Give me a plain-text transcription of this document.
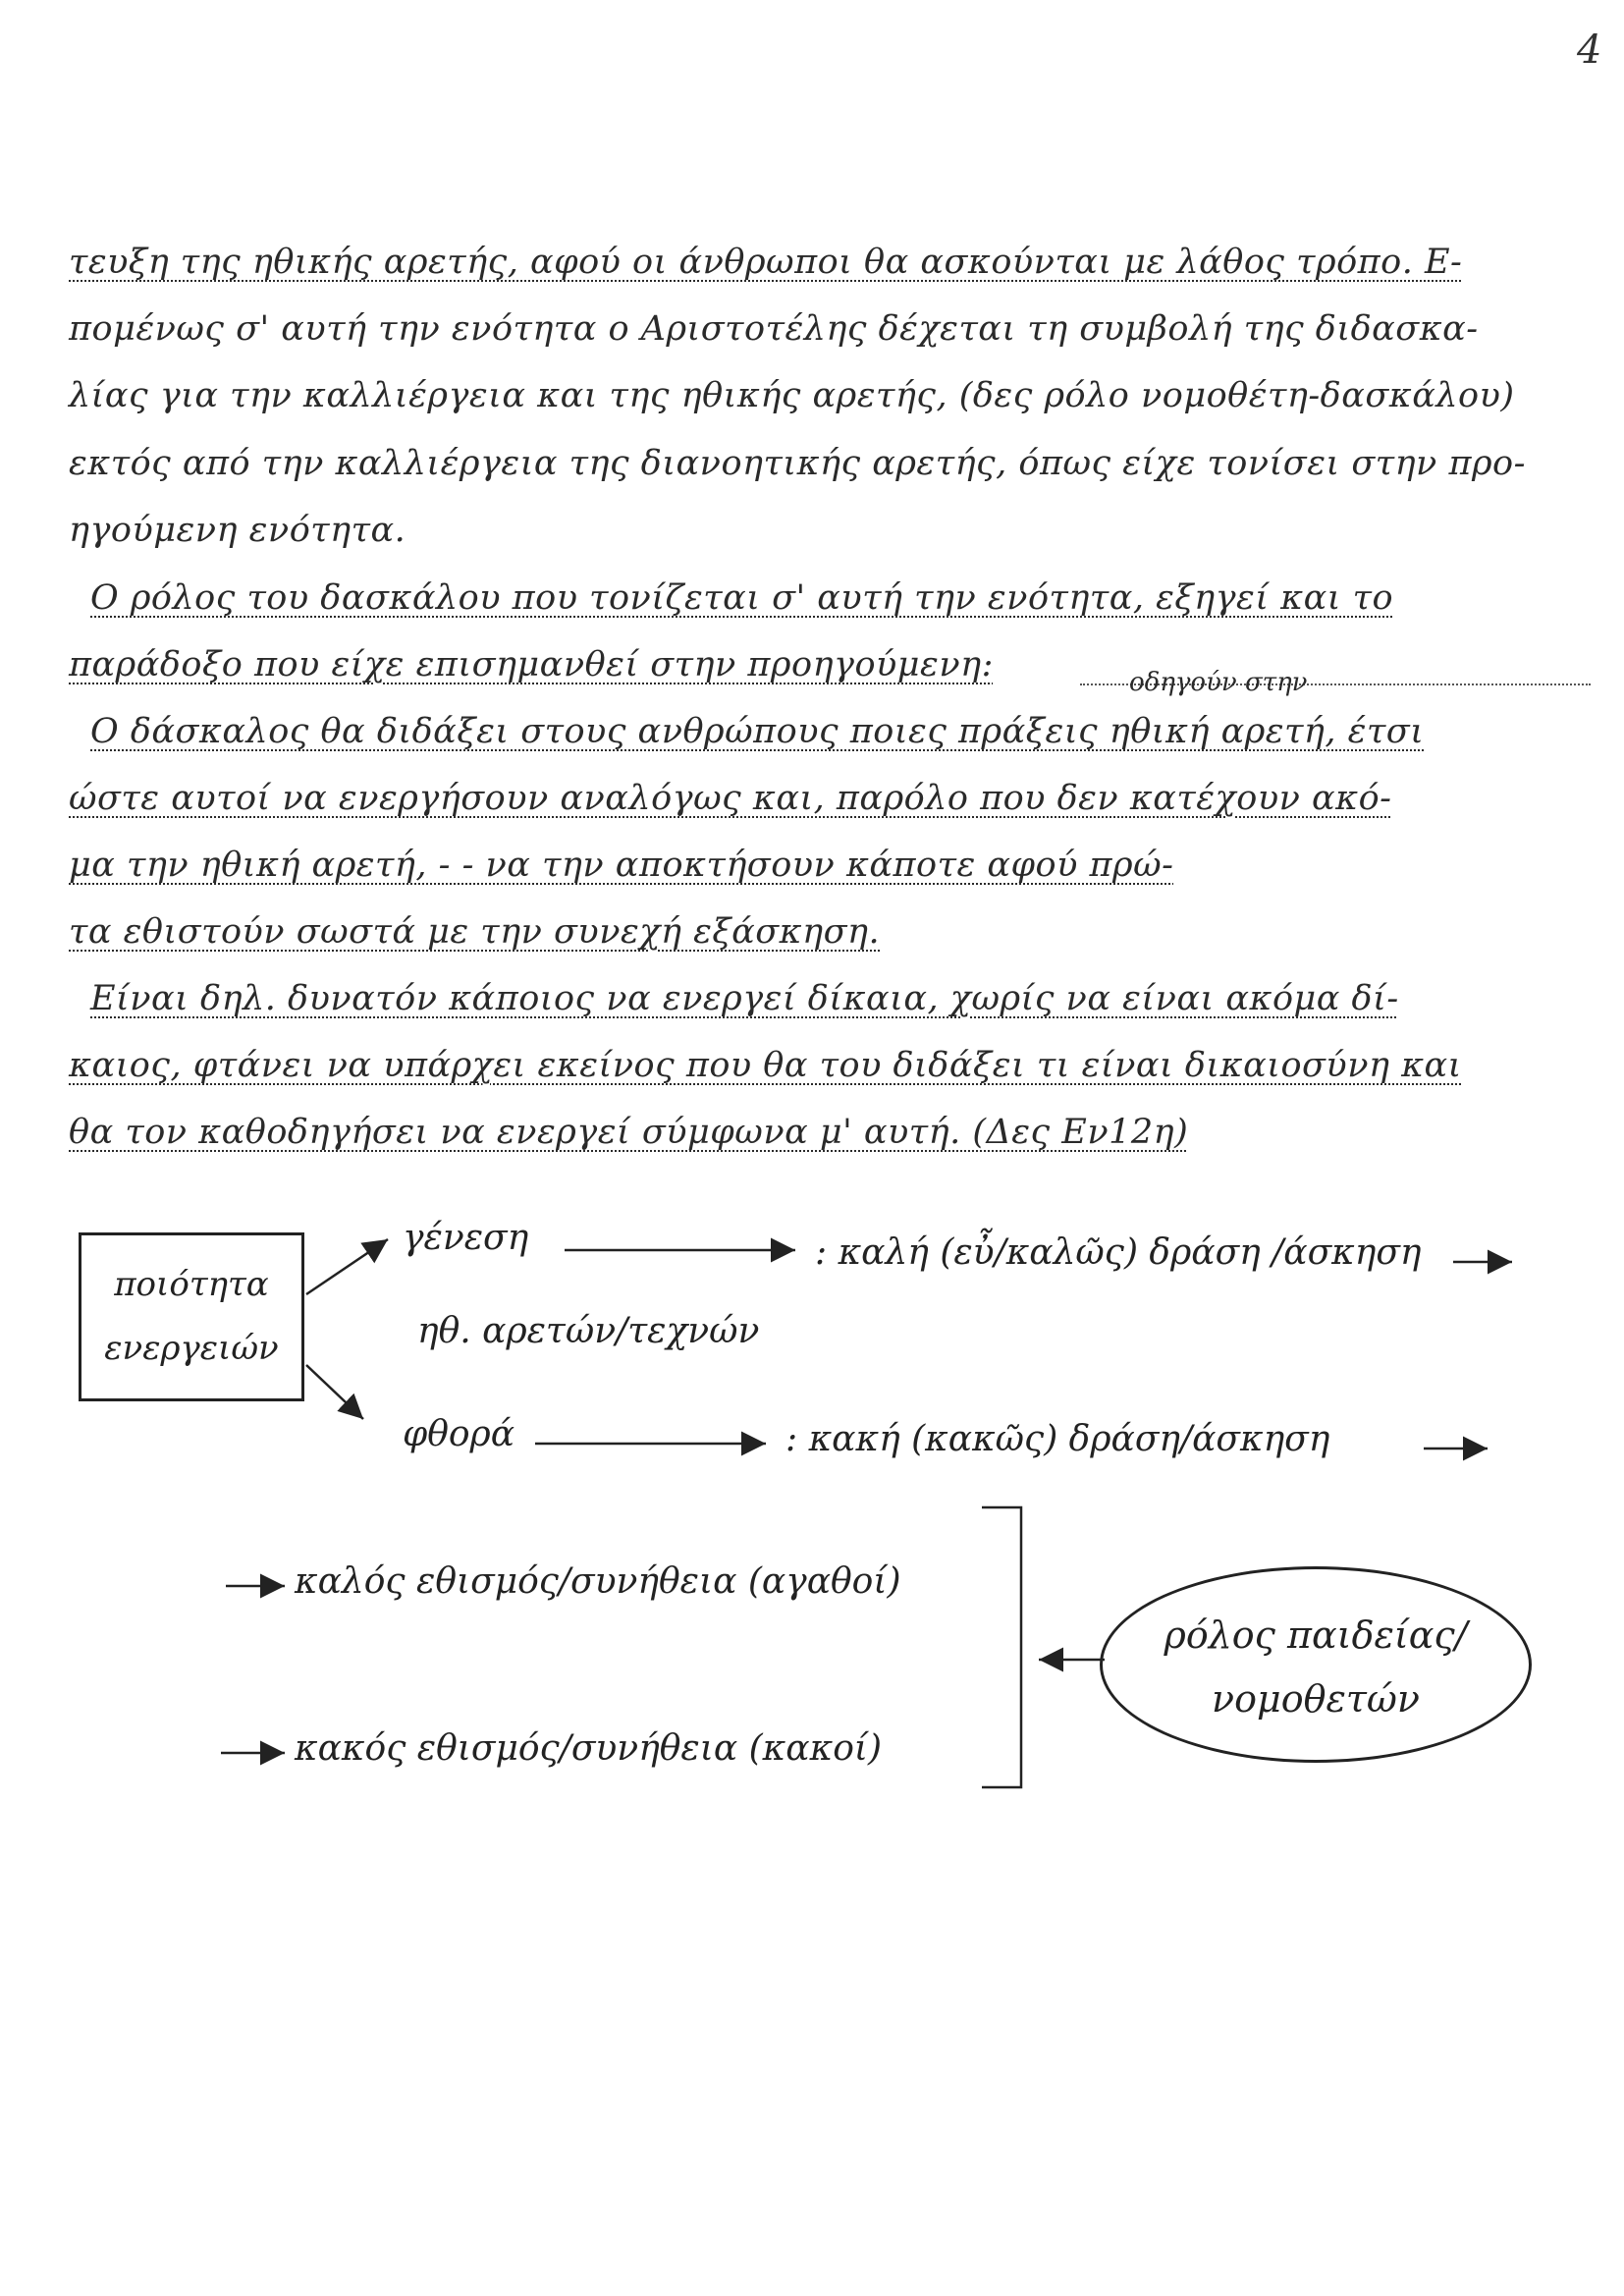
4
τευξη της ηθικής αρετής, αφού οι άνθρωποι θα ασκούνται με λάθος τρόπο. Ε-
πομένως σ' αυτή την ενότητα ο Αριστοτέλης δέχεται τη συμβολή της διδασκα-
λίας για την καλλιέργεια και της ηθικής αρετής, (δες ρόλο νομοθέτη-δασκάλου)
εκτός από την καλλιέργεια της διανοητικής αρετής, όπως είχε τονίσει στην προ-
ηγούμενη ενότητα.
Ο ρόλος του δασκάλου που τονίζεται σ' αυτή την ενότητα, εξηγεί και το
παράδοξο που είχε επισημανθεί στην προηγούμενη:	οδηγούν στην
Ο δάσκαλος θα διδάξει στους ανθρώπους ποιες πράξεις ηθική αρετή, έτσι
ώστε αυτοί να ενεργήσουν αναλόγως και, παρόλο που δεν κατέχουν ακό-
μα την ηθική αρετή, - - να την αποκτήσουν κάποτε αφού πρώ-
τα εθιστούν σωστά με την συνεχή εξάσκηση.
Είναι δηλ. δυνατόν κάποιος να ενεργεί δίκαια, χωρίς να είναι ακόμα δί-
καιος, φτάνει να υπάρχει εκείνος που θα του διδάξει τι είναι δικαιοσύνη και
θα τον καθοδηγήσει να ενεργεί σύμφωνα μ' αυτή. (Δες Εν12η)
ποιότητα
ενεργειών
γένεση	: καλή (εὖ/καλῶς) δράση /άσκηση
ηθ. αρετών/τεχνών
φθορά	: κακή (κακῶς) δράση/άσκηση
καλός εθισμός/συνήθεια (αγαθοί)
κακός εθισμός/συνήθεια (κακοί)
ρόλος παιδείας/
νομοθετών
